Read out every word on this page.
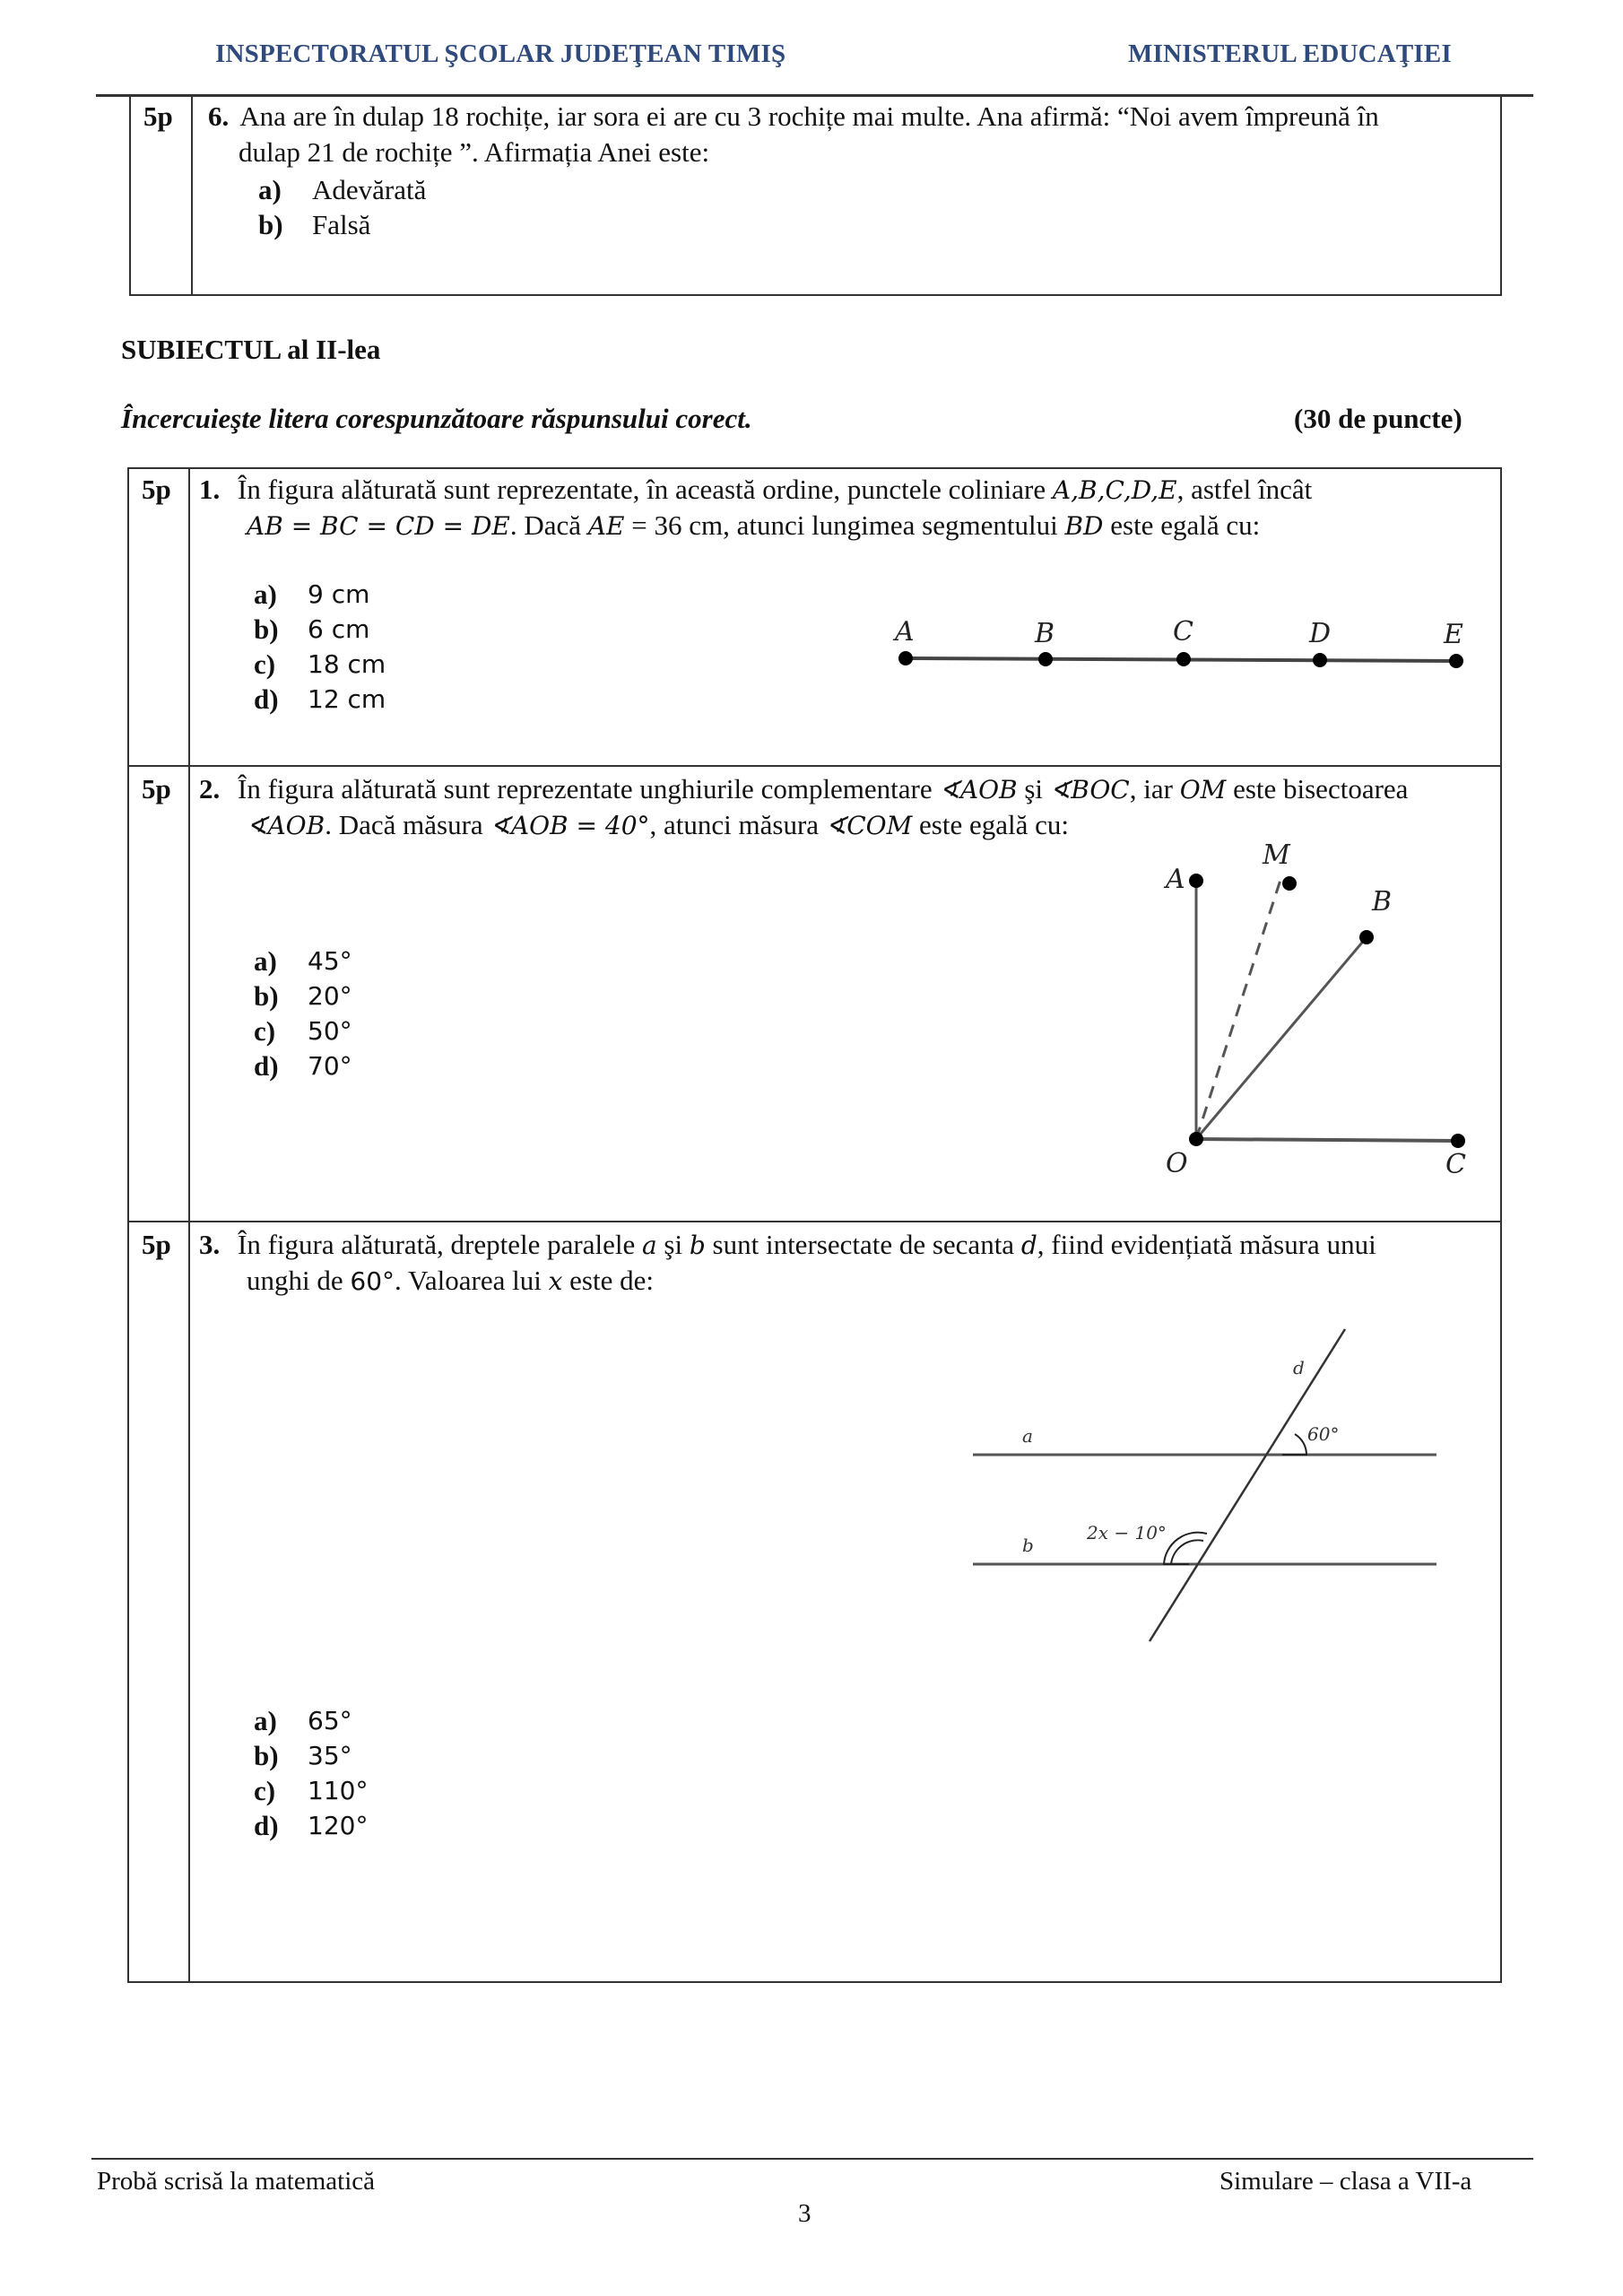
INSPECTORATUL ŞCOLAR JUDEŢEAN TIMIŞ	MINISTERUL EDUCAŢIEI
5p 6. Ana are în dulap 18 rochițe, iar sora ei are cu 3 rochițe mai multe. Ana afirmă: “Noi avem împreună în
dulap 21 de rochițe ”. Afirmația Anei este:
a)	Adevărată
b)	Falsă
SUBIECTUL al II-lea
Încercuieşte litera corespunzătoare răspunsului corect.	(30 de puncte)
5p 1. În figura alăturată sunt reprezentate, în această ordine, punctele coliniare A,B,C,D,E, astfel încât
AB = BC = CD = DE. Dacă AE = 36 cm, atunci lungimea segmentului BD este egală cu:
a)	9 cm
b)	6 cm
c)	18 cm
d)	12 cm
A	B	C	D	E
5p 2. În figura alăturată sunt reprezentate unghiurile complementare ∢AOB şi ∢BOC, iar OM este bisectoarea
∢AOB. Dacă măsura ∢AOB = 40°, atunci măsura ∢COM este egală cu:
a)	45°
b)	20°
c)	50°
d)	70°
A
M
B
O	C
5p 3. În figura alăturată, dreptele paralele a şi b sunt intersectate de secanta d, fiind evidențiată măsura unui
unghi de 60°. Valoarea lui x este de:
a
b
d
60°
2x − 10°
a)	65°
b)	35°
c)	110°
d)	120°
Probă scrisă la matematică	Simulare – clasa a VII-a
3
